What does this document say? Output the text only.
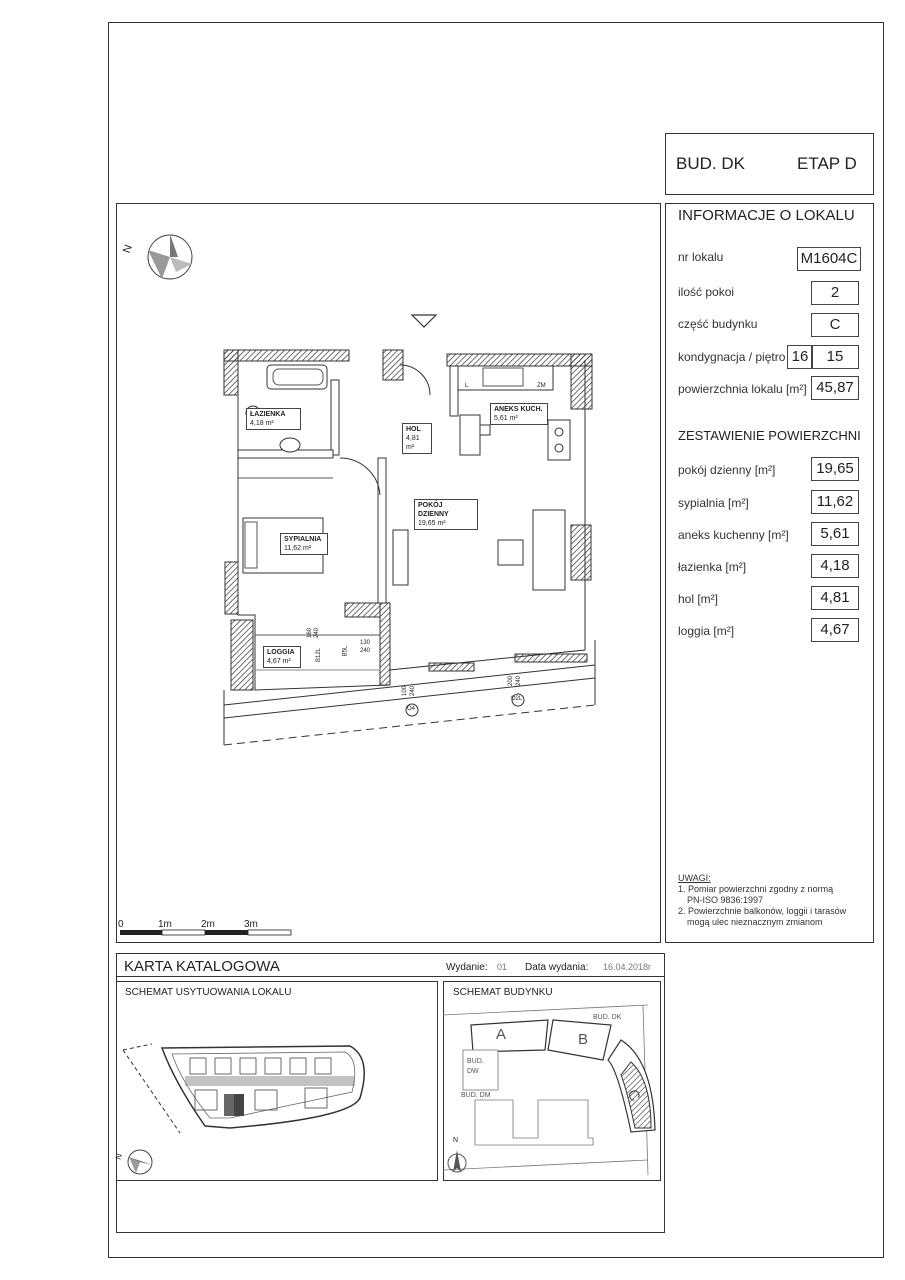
BUD. DK	ETAP D
INFORMACJE O LOKALU
nr lokalu	M1604C
ilość pokoi	2
część budynku	C
kondygnacja / piętro 16	15
powierzchnia lokalu [m²] 45,87
ZESTAWIENIE POWIERZCHNI
pokój dzienny [m²]	19,65
sypialnia [m²]	11,62
aneks kuchenny [m²]	5,61
łazienka [m²]	4,18
hol [m²]	4,81
loggia [m²]	4,67
UWAGI:
1. Pomiar powierzchni zgodny z normą
PN-ISO 9836:1997
2. Powierzchnie balkonów, loggii i tarasów
mogą ulec nieznacznym zmianom
N
ŁAZIENKA
4,18 m²
HOL
4,81 m²
ANEKS KUCH.
5,61 m²
POKÓJ DZIENNY
19,65 m²
SYPIALNIA
11,62 m²
LOGGIA
4,67 m²
O4
O2L
B12L	B5L
ZM
L
160 240
130
240
100 240
200 240
0	1m	2m	3m
KARTA KATALOGOWA	Wydanie: 01 Data wydania: 16.04.2018r
SCHEMAT USYTUOWANIA LOKALU
N
SCHEMAT BUDYNKU
A	B
C
BUD. DK
BUD.
DW
BUD. DM
N
